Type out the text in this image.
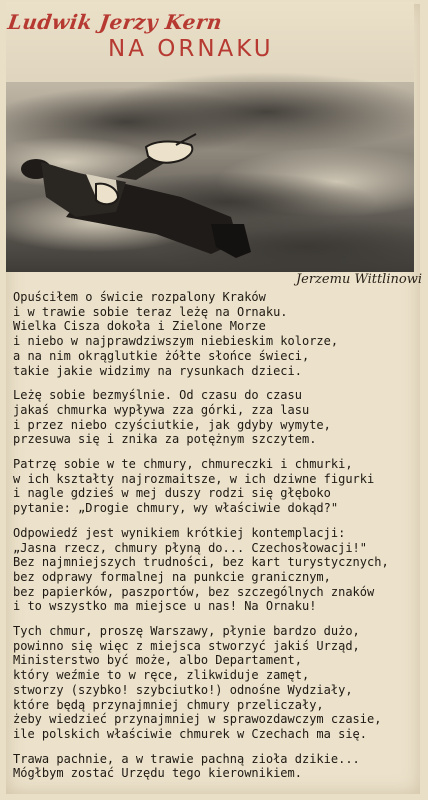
Ludwik Jerzy Kern
NA ORNAKU
Jerzemu Wittlinowi
Opuściłem o świcie rozpalony Kraków
i w trawie sobie teraz leżę na Ornaku.
Wielka Cisza dokoła i Zielone Morze
i niebo w najprawdziwszym niebieskim kolorze,
a na nim okrąglutkie żółte słońce świeci,
takie jakie widzimy na rysunkach dzieci.
Leżę sobie bezmyślnie. Od czasu do czasu
jakaś chmurka wypływa zza górki, zza lasu
i przez niebo czyściutkie, jak gdyby wymyte,
przesuwa się i znika za potężnym szczytem.
Patrzę sobie w te chmury, chmureczki i chmurki,
w ich kształty najrozmaitsze, w ich dziwne figurki
i nagle gdzieś w mej duszy rodzi się głęboko
pytanie: „Drogie chmury, wy właściwie dokąd?"
Odpowiedź jest wynikiem krótkiej kontemplacji:
„Jasna rzecz, chmury płyną do... Czechosłowacji!"
Bez najmniejszych trudności, bez kart turystycznych,
bez odprawy formalnej na punkcie granicznym,
bez papierków, paszportów, bez szczególnych znaków
i to wszystko ma miejsce u nas! Na Ornaku!
Tych chmur, proszę Warszawy, płynie bardzo dużo,
powinno się więc z miejsca stworzyć jakiś Urząd,
Ministerstwo być może, albo Departament,
który weźmie to w ręce, zlikwiduje zamęt,
stworzy (szybko! szybciutko!) odnośne Wydziały,
które będą przynajmniej chmury przeliczały,
żeby wiedzieć przynajmniej w sprawozdawczym czasie,
ile polskich właściwie chmurek w Czechach ma się.
Trawa pachnie, a w trawie pachną zioła dzikie...
Mógłbym zostać Urzędu tego kierownikiem.
